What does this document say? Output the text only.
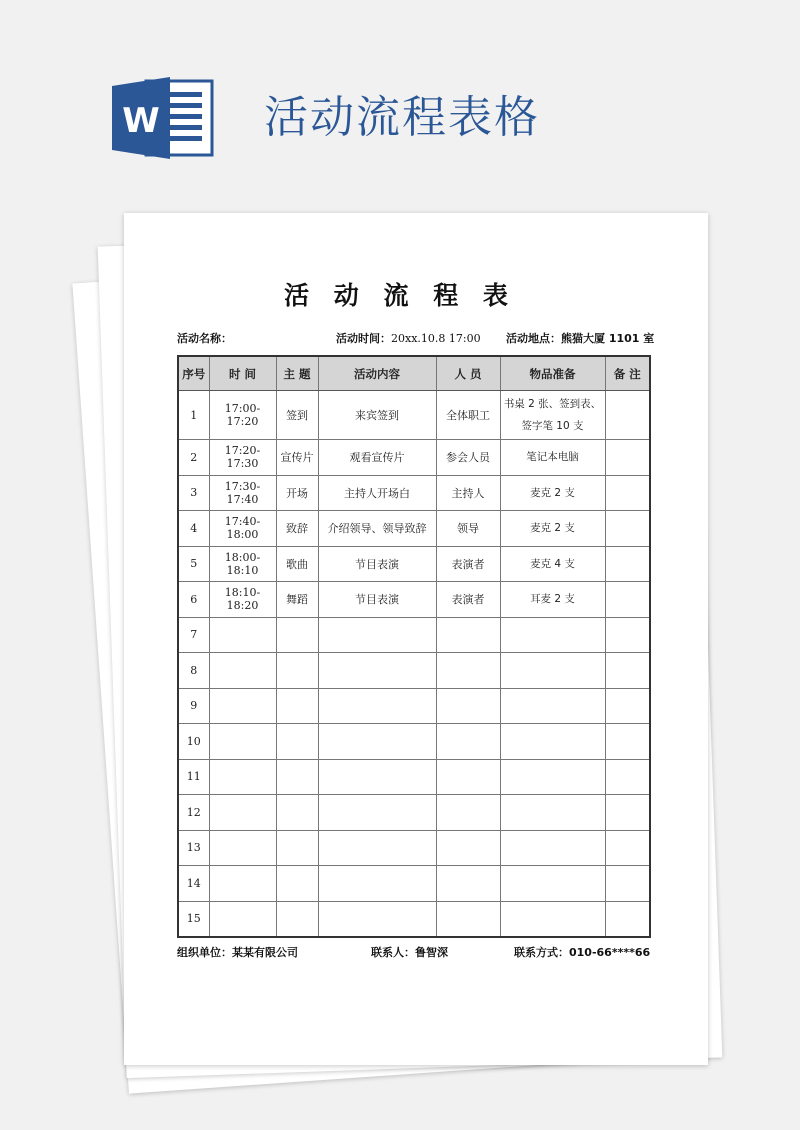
W 活动流程表格
活 动 流 程 表
活动名称：	活动时间：20xx.10.8 17:00 活动地点：熊猫大厦 1101 室
序号	时 间	主 题	活动内容	人 员	物品准备	备 注
1	17:00-17:20	签到	来宾签到	全体职工	书桌 2 张、签到表、
签字笔 10 支	

2	17:20-17:30	宣传片	观看宣传片	参会人员	笔记本电脑	

3	17:30-17:40	开场	主持人开场白	主持人	麦克 2 支	

4	17:40-18:00	致辞	介绍领导、领导致辞	领导	麦克 2 支	

5	18:00-18:10	歌曲	节目表演	表演者	麦克 4 支	

6	18:10-18:20	舞蹈	节目表演	表演者	耳麦 2 支	

7						
8						
9						
10						
11						
12						
13						
14						
15						
组织单位：某某有限公司	联系人：鲁智深	联系方式：010-66****66
